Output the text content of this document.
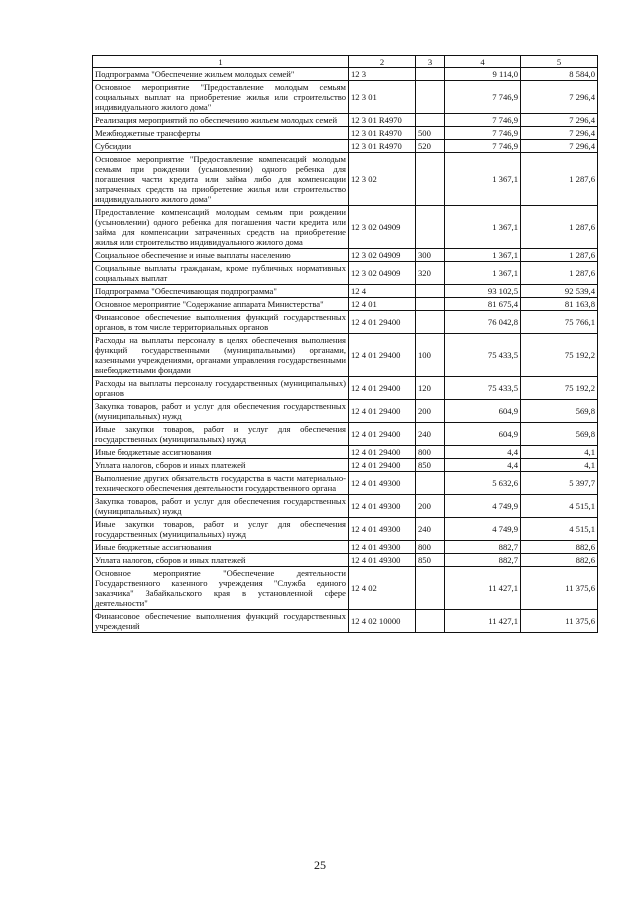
1	2	3	4	5
Подпрограмма "Обеспечение жильем молодых семей"	12 3		9 114,0	8 584,0
Основное мероприятие "Предоставление молодым семьям социальных выплат на приобретение жилья или строительство индивидуального жилого дома"	12 3 01		7 746,9	7 296,4
Реализация мероприятий по обеспечению жильем молодых семей	12 3 01 R4970		7 746,9	7 296,4
Межбюджетные трансферты	12 3 01 R4970	500	7 746,9	7 296,4
Субсидии	12 3 01 R4970	520	7 746,9	7 296,4
Основное мероприятие "Предоставление компенсаций молодым семьям при рождении (усыновлении) одного ребенка для погашения части кредита или займа либо для компенсации затраченных средств на приобретение жилья или строительство индивидуального жилого дома"	12 3 02		1 367,1	1 287,6
Предоставление компенсаций молодым семьям при рождении (усыновлении) одного ребенка для погашения части кредита или займа для компенсации затраченных средств на приобретение жилья или строительство индивидуального жилого дома	12 3 02 04909		1 367,1	1 287,6
Социальное обеспечение и иные выплаты населению	12 3 02 04909	300	1 367,1	1 287,6
Социальные выплаты гражданам, кроме публичных нормативных социальных выплат	12 3 02 04909	320	1 367,1	1 287,6
Подпрограмма "Обеспечивающая подпрограмма"	12 4		93 102,5	92 539,4
Основное мероприятие "Содержание аппарата Министерства"	12 4 01		81 675,4	81 163,8
Финансовое обеспечение выполнения функций государственных органов, в том числе территориальных органов	12 4 01 29400		76 042,8	75 766,1
Расходы на выплаты персоналу в целях обеспечения выполнения функций государственными (муниципальными) органами, казенными учреждениями, органами управления государственными внебюджетными фондами	12 4 01 29400	100	75 433,5	75 192,2
Расходы на выплаты персоналу государственных (муниципальных) органов	12 4 01 29400	120	75 433,5	75 192,2
Закупка товаров, работ и услуг для обеспечения государственных (муниципальных) нужд	12 4 01 29400	200	604,9	569,8
Иные закупки товаров, работ и услуг для обеспечения государственных (муниципальных) нужд	12 4 01 29400	240	604,9	569,8
Иные бюджетные ассигнования	12 4 01 29400	800	4,4	4,1
Уплата налогов, сборов и иных платежей	12 4 01 29400	850	4,4	4,1
Выполнение других обязательств государства в части материально-технического обеспечения деятельности государственного органа	12 4 01 49300		5 632,6	5 397,7
Закупка товаров, работ и услуг для обеспечения государственных (муниципальных) нужд	12 4 01 49300	200	4 749,9	4 515,1
Иные закупки товаров, работ и услуг для обеспечения государственных (муниципальных) нужд	12 4 01 49300	240	4 749,9	4 515,1
Иные бюджетные ассигнования	12 4 01 49300	800	882,7	882,6
Уплата налогов, сборов и иных платежей	12 4 01 49300	850	882,7	882,6
Основное мероприятие "Обеспечение деятельности Государственного казенного учреждения "Служба единого заказчика" Забайкальского края в установленной сфере деятельности"	12 4 02		11 427,1	11 375,6
Финансовое обеспечение выполнения функций государственных учреждений	12 4 02 10000		11 427,1	11 375,6
25
